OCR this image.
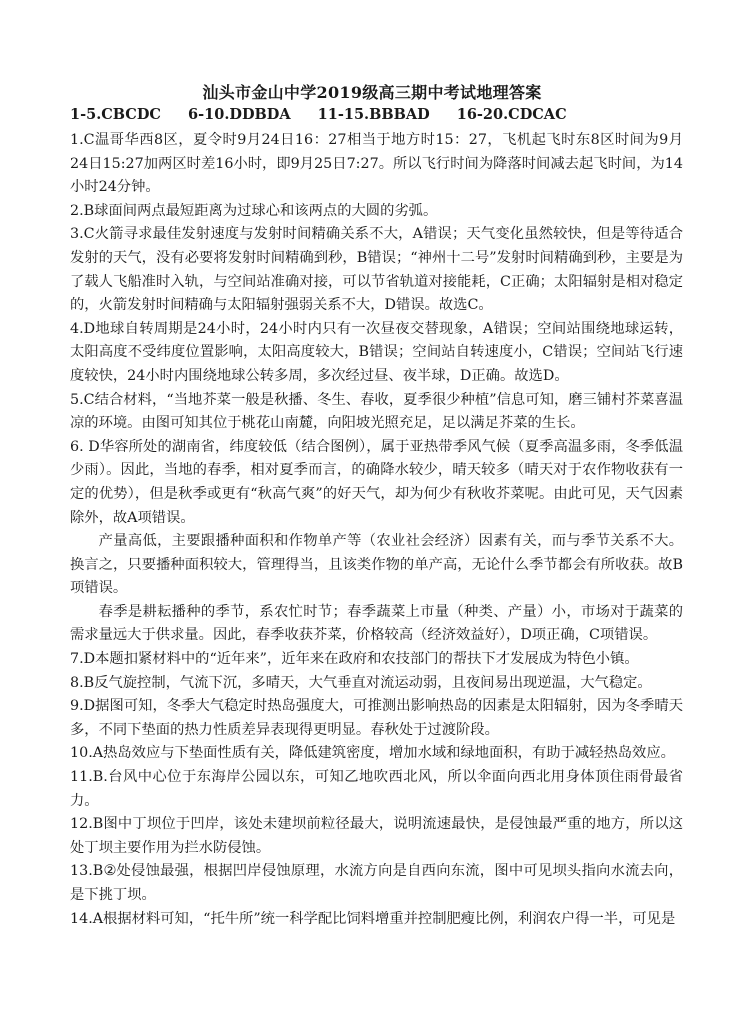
汕头市金山中学2019级高三期中考试地理答案
1-5.CBCDC 6-10.DDBDA 11-15.BBBAD 16-20.CDCAC

1.C温哥华西8区，夏令时9月24日16：27相当于地方时15：27，飞机起飞时东8区时间为9月24日15:27加两区时差16小时，即9月25日7:27。所以飞行时间为降落时间减去起飞时间，为14小时24分钟。

2.B球面间两点最短距离为过球心和该两点的大圆的劣弧。

3.C火箭寻求最佳发射速度与发射时间精确关系不大，A错误；天气变化虽然较快，但是等待适合发射的天气，没有必要将发射时间精确到秒，B错误；“神州十二号”发射时间精确到秒，主要是为了载人飞船准时入轨，与空间站准确对接，可以节省轨道对接能耗，C正确；太阳辐射是相对稳定的，火箭发射时间精确与太阳辐射强弱关系不大，D错误。故选C。

4.D地球自转周期是24小时，24小时内只有一次昼夜交替现象，A错误；空间站围绕地球运转，太阳高度不受纬度位置影响，太阳高度较大，B错误；空间站自转速度小，C错误；空间站飞行速度较快，24小时内围绕地球公转多周，多次经过昼、夜半球，D正确。故选D。

5.C结合材料，“当地芥菜一般是秋播、冬生、春收，夏季很少种植”信息可知，磨三铺村芥菜喜温凉的环境。由图可知其位于桃花山南麓，向阳坡光照充足，足以满足芥菜的生长。

6. D华容所处的湖南省，纬度较低（结合图例），属于亚热带季风气候（夏季高温多雨，冬季低温少雨）。因此，当地的春季，相对夏季而言，的确降水较少，晴天较多（晴天对于农作物收获有一定的优势），但是秋季或更有“秋高气爽”的好天气，却为何少有秋收芥菜呢。由此可见，天气因素除外，故A项错误。

产量高低，主要跟播种面积和作物单产等（农业社会经济）因素有关，而与季节关系不大。换言之，只要播种面积较大，管理得当，且该类作物的单产高，无论什么季节都会有所收获。故B项错误。

春季是耕耘播种的季节，系农忙时节；春季蔬菜上市量（种类、产量）小，市场对于蔬菜的需求量远大于供求量。因此，春季收获芥菜，价格较高（经济效益好），D项正确，C项错误。

7.D本题扣紧材料中的“近年来”，近年来在政府和农技部门的帮扶下才发展成为特色小镇。

8.B反气旋控制，气流下沉，多晴天，大气垂直对流运动弱，且夜间易出现逆温，大气稳定。

9.D据图可知，冬季大气稳定时热岛强度大，可推测出影响热岛的因素是太阳辐射，因为冬季晴天多，不同下垫面的热力性质差异表现得更明显。春秋处于过渡阶段。

10.A热岛效应与下垫面性质有关，降低建筑密度，增加水域和绿地面积，有助于减轻热岛效应。

11.B.台风中心位于东海岸公园以东，可知乙地吹西北风，所以伞面向西北用身体顶住雨骨最省力。

12.B图中丁坝位于凹岸，该处未建坝前粒径最大，说明流速最快，是侵蚀最严重的地方，所以这处丁坝主要作用为拦水防侵蚀。

13.B②处侵蚀最强，根据凹岸侵蚀原理，水流方向是自西向东流，图中可见坝头指向水流去向，是下挑丁坝。

14.A根据材料可知，“托牛所”统一科学配比饲料增重并控制肥瘦比例，利润农户得一半，可见是
